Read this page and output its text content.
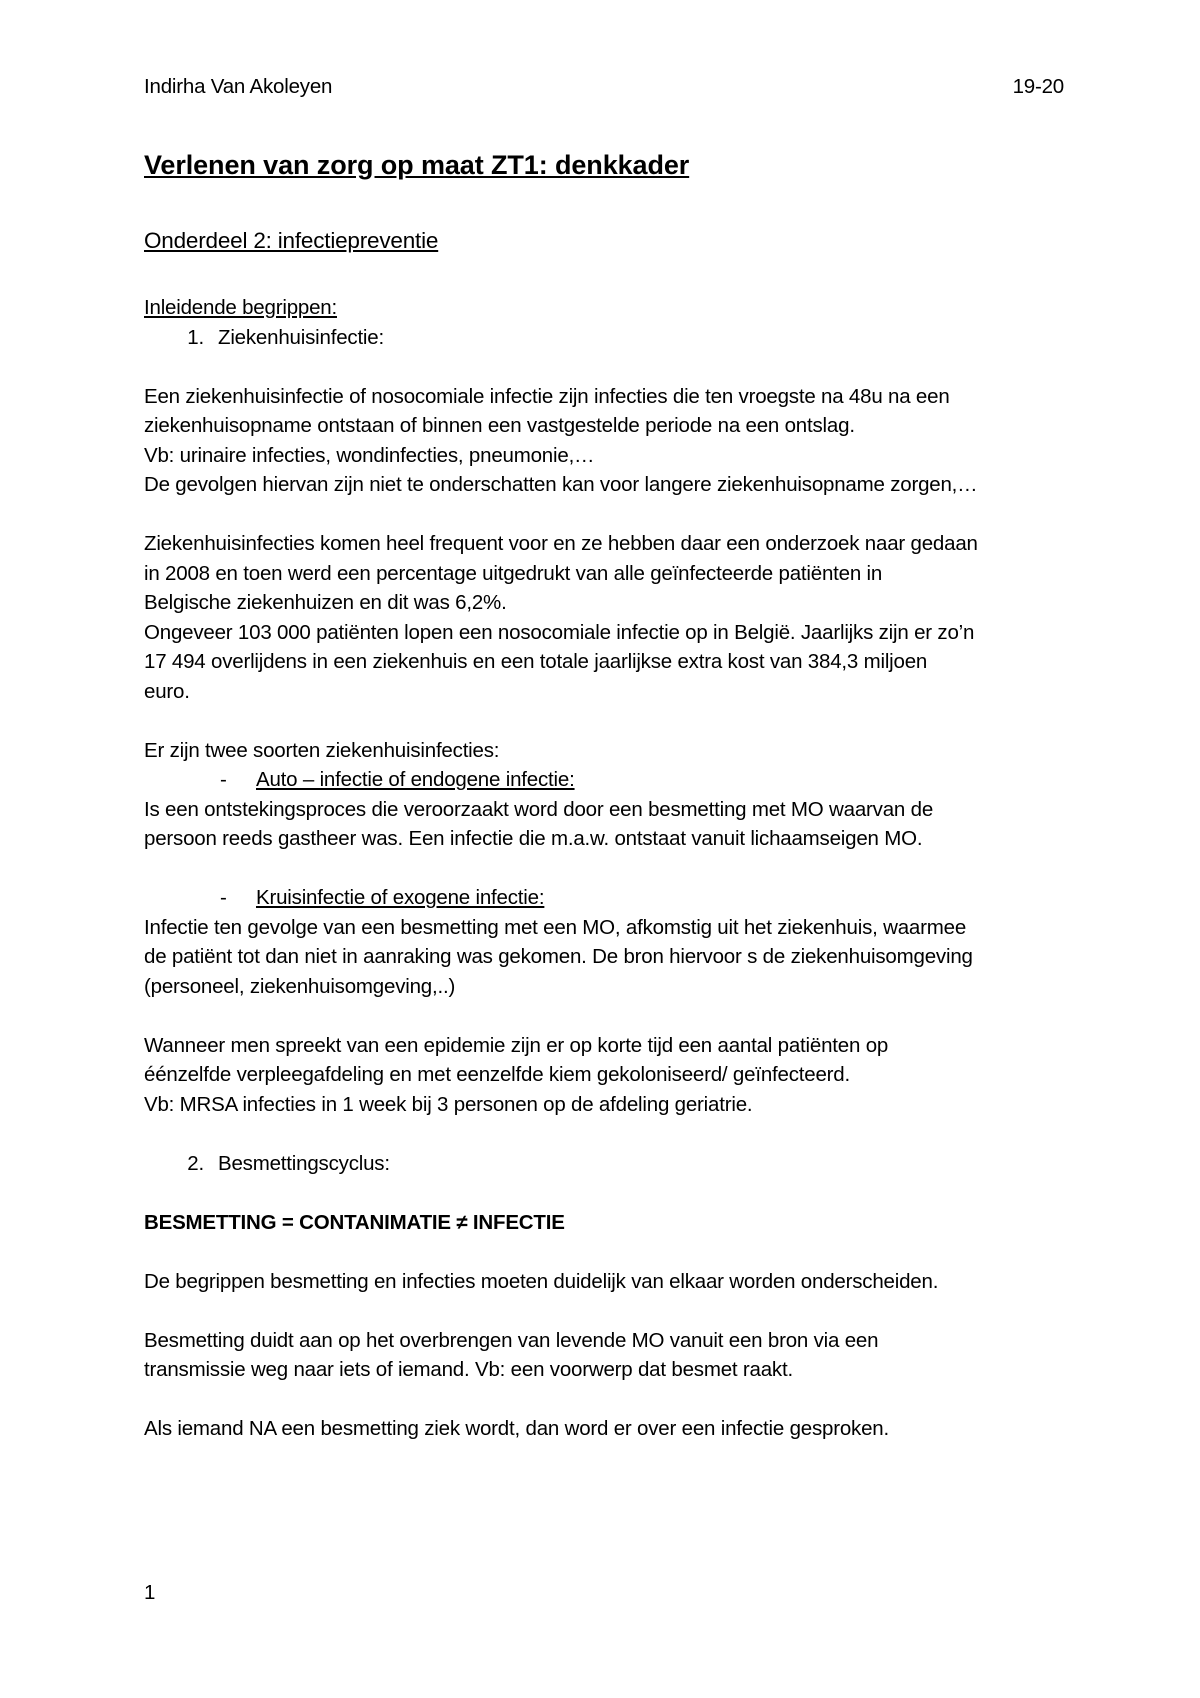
Indirha Van Akoleyen	19-20
Verlenen van zorg op maat ZT1: denkkader
Onderdeel 2: infectiepreventie

Inleidende begrippen:

1. Ziekenhuisinfectie:

Een ziekenhuisinfectie of nosocomiale infectie zijn infecties die ten vroegste na 48u na een

ziekenhuisopname ontstaan of binnen een vastgestelde periode na een ontslag.

Vb: urinaire infecties, wondinfecties, pneumonie,…

De gevolgen hiervan zijn niet te onderschatten kan voor langere ziekenhuisopname zorgen,…

Ziekenhuisinfecties komen heel frequent voor en ze hebben daar een onderzoek naar gedaan

in 2008 en toen werd een percentage uitgedrukt van alle geïnfecteerde patiënten in

Belgische ziekenhuizen en dit was 6,2%.

Ongeveer 103 000 patiënten lopen een nosocomiale infectie op in België. Jaarlijks zijn er zo’n

17 494 overlijdens in een ziekenhuis en een totale jaarlijkse extra kost van 384,3 miljoen

euro.

Er zijn twee soorten ziekenhuisinfecties:

-	Auto – infectie of endogene infectie:

Is een ontstekingsproces die veroorzaakt word door een besmetting met MO waarvan de

persoon reeds gastheer was. Een infectie die m.a.w. ontstaat vanuit lichaamseigen MO.

-	Kruisinfectie of exogene infectie:

Infectie ten gevolge van een besmetting met een MO, afkomstig uit het ziekenhuis, waarmee

de patiënt tot dan niet in aanraking was gekomen. De bron hiervoor s de ziekenhuisomgeving

(personeel, ziekenhuisomgeving,..)

Wanneer men spreekt van een epidemie zijn er op korte tijd een aantal patiënten op

éénzelfde verpleegafdeling en met eenzelfde kiem gekoloniseerd/ geïnfecteerd.

Vb: MRSA infecties in 1 week bij 3 personen op de afdeling geriatrie.

2. Besmettingscyclus:

BESMETTING = CONTANIMATIE ≠ INFECTIE

De begrippen besmetting en infecties moeten duidelijk van elkaar worden onderscheiden.

Besmetting duidt aan op het overbrengen van levende MO vanuit een bron via een

transmissie weg naar iets of iemand. Vb: een voorwerp dat besmet raakt.

Als iemand NA een besmetting ziek wordt, dan word er over een infectie gesproken.

1
